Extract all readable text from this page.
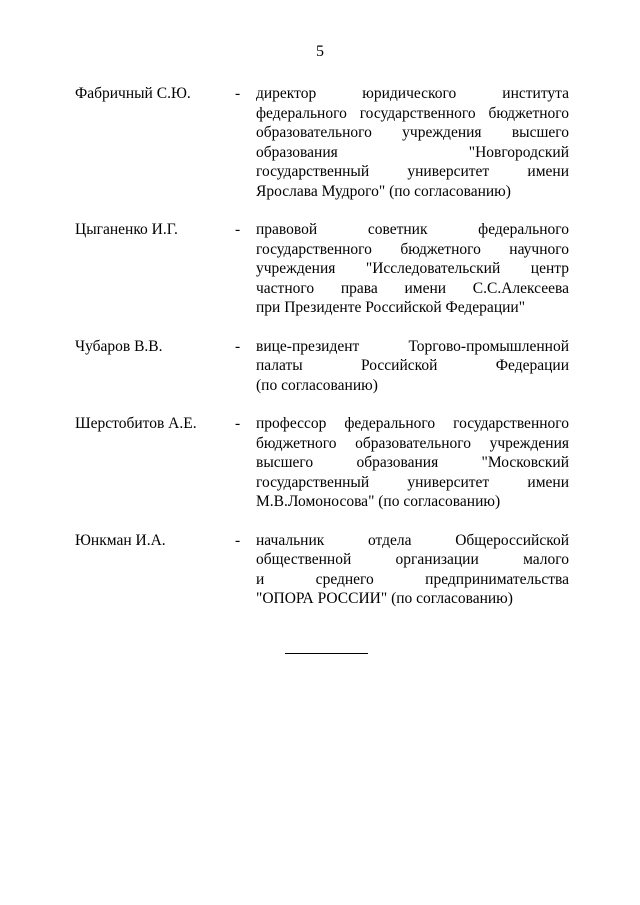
5
Фабричный С.Ю.	- директор юридического института
федерального государственного бюджетного
образовательного учреждения высшего
образования "Новгородский
государственный университет имени
Ярослава Мудрого" (по согласованию)
Цыганенко И.Г.	- правовой советник федерального
государственного бюджетного научного
учреждения "Исследовательский центр
частного права имени С.С.Алексеева
при Президенте Российской Федерации"
Чубаров В.В.	- вице-президент Торгово-промышленной
палаты Российской Федерации
(по согласованию)
Шерстобитов А.Е. - профессор федерального государственного
бюджетного образовательного учреждения
высшего образования "Московский
государственный университет имени
М.В.Ломоносова" (по согласованию)
Юнкман И.А.	- начальник отдела Общероссийской
общественной организации малого
и среднего предпринимательства
"ОПОРА РОССИИ" (по согласованию)
